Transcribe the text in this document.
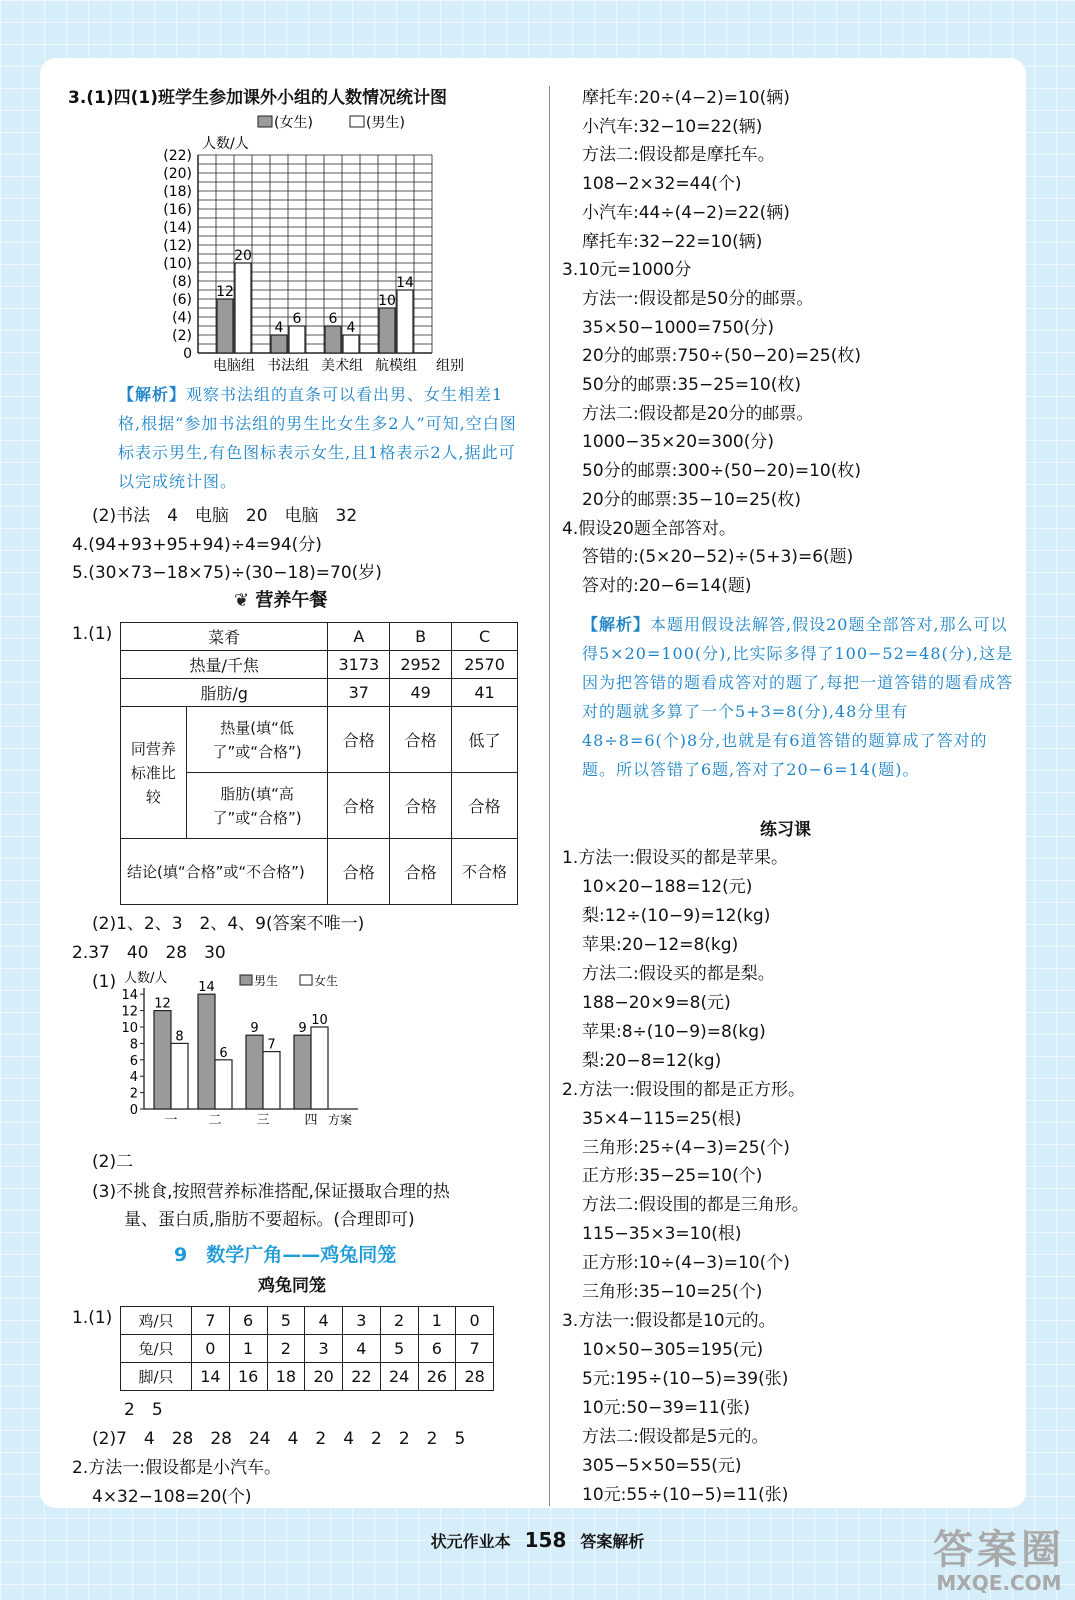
3.(1)四(1)班学生参加课外小组的人数情况统计图
(女生)	(男生)
人数/人
0
(2)
(4)
(6)
(8)
(10)
(12)
(14)
(16)
(18)
(20)
(22)
12
20
电脑组
4
6
书法组
6
4
美术组
10
14
航模组 组别
【解析】观察书法组的直条可以看出男、女生相差1格,根据“参加书法组的男生比女生多2人”可知,空白图标表示男生,有色图标表示女生,且1格表示2人,据此可以完成统计图。
(2)书法　4　电脑　20　电脑　32
4.(94+93+95+94)÷4=94(分)
5.(30×73−18×75)÷(30−18)=70(岁)
❦ 营养午餐
1.(1)	菜肴		A	B	C
热量/千焦		3173	2952	2570
脂肪/g		37	49	41
同营养标准比较	热量(填“低了”或“合格”)	合格	合格	低了
	脂肪(填“高了”或“合格”)	合格	合格	合格
结论(填“合格”或“不合格”)		合格	合格	不合格
(2)1、2、3　2、4、9(答案不唯一)
2.37　40　28　30
(1)	男生	女生
人数/人
0
2
4
6
8
10
12
14
12
8
一
14
6
二
9
7
三
9
10
四 方案
(2)二
(3)不挑食,按照营养标准搭配,保证摄取合理的热
量、蛋白质,脂肪不要超标。(合理即可)
9　数学广角——鸡兔同笼
鸡兔同笼
1.(1) 鸡/只	7	6	5	4	3	2	1	0
兔/只	0	1	2	3	4	5	6	7
脚/只	14	16	18	20	22	24	26	28
2　5
(2)7　4　28　28　24　4　2　4　2　2　2　5
2.方法一:假设都是小汽车。
4×32−108=20(个)
摩托车:20÷(4−2)=10(辆)
小汽车:32−10=22(辆)
方法二:假设都是摩托车。
108−2×32=44(个)
小汽车:44÷(4−2)=22(辆)
摩托车:32−22=10(辆)
3.10元=1000分
方法一:假设都是50分的邮票。
35×50−1000=750(分)
20分的邮票:750÷(50−20)=25(枚)
50分的邮票:35−25=10(枚)
方法二:假设都是20分的邮票。
1000−35×20=300(分)
50分的邮票:300÷(50−20)=10(枚)
20分的邮票:35−10=25(枚)
4.假设20题全部答对。
答错的:(5×20−52)÷(5+3)=6(题)
答对的:20−6=14(题)
【解析】本题用假设法解答,假设20题全部答对,那么可以得5×20=100(分),比实际多得了100−52=48(分),这是因为把答错的题看成答对的题了,每把一道答错的题看成答对的题就多算了一个5+3=8(分),48分里有48÷8=6(个)8分,也就是有6道答错的题算成了答对的题。所以答错了6题,答对了20−6=14(题)。
练习课
1.方法一:假设买的都是苹果。
10×20−188=12(元)
梨:12÷(10−9)=12(kg)
苹果:20−12=8(kg)
方法二:假设买的都是梨。
188−20×9=8(元)
苹果:8÷(10−9)=8(kg)
梨:20−8=12(kg)
2.方法一:假设围的都是正方形。
35×4−115=25(根)
三角形:25÷(4−3)=25(个)
正方形:35−25=10(个)
方法二:假设围的都是三角形。
115−35×3=10(根)
正方形:10÷(4−3)=10(个)
三角形:35−10=25(个)
3.方法一:假设都是10元的。
10×50−305=195(元)
5元:195÷(10−5)=39(张)
10元:50−39=11(张)
方法二:假设都是5元的。
305−5×50=55(元)
10元:55÷(10−5)=11(张)
状元作业本 158 答案解析	答案圈
MXQE.COM
